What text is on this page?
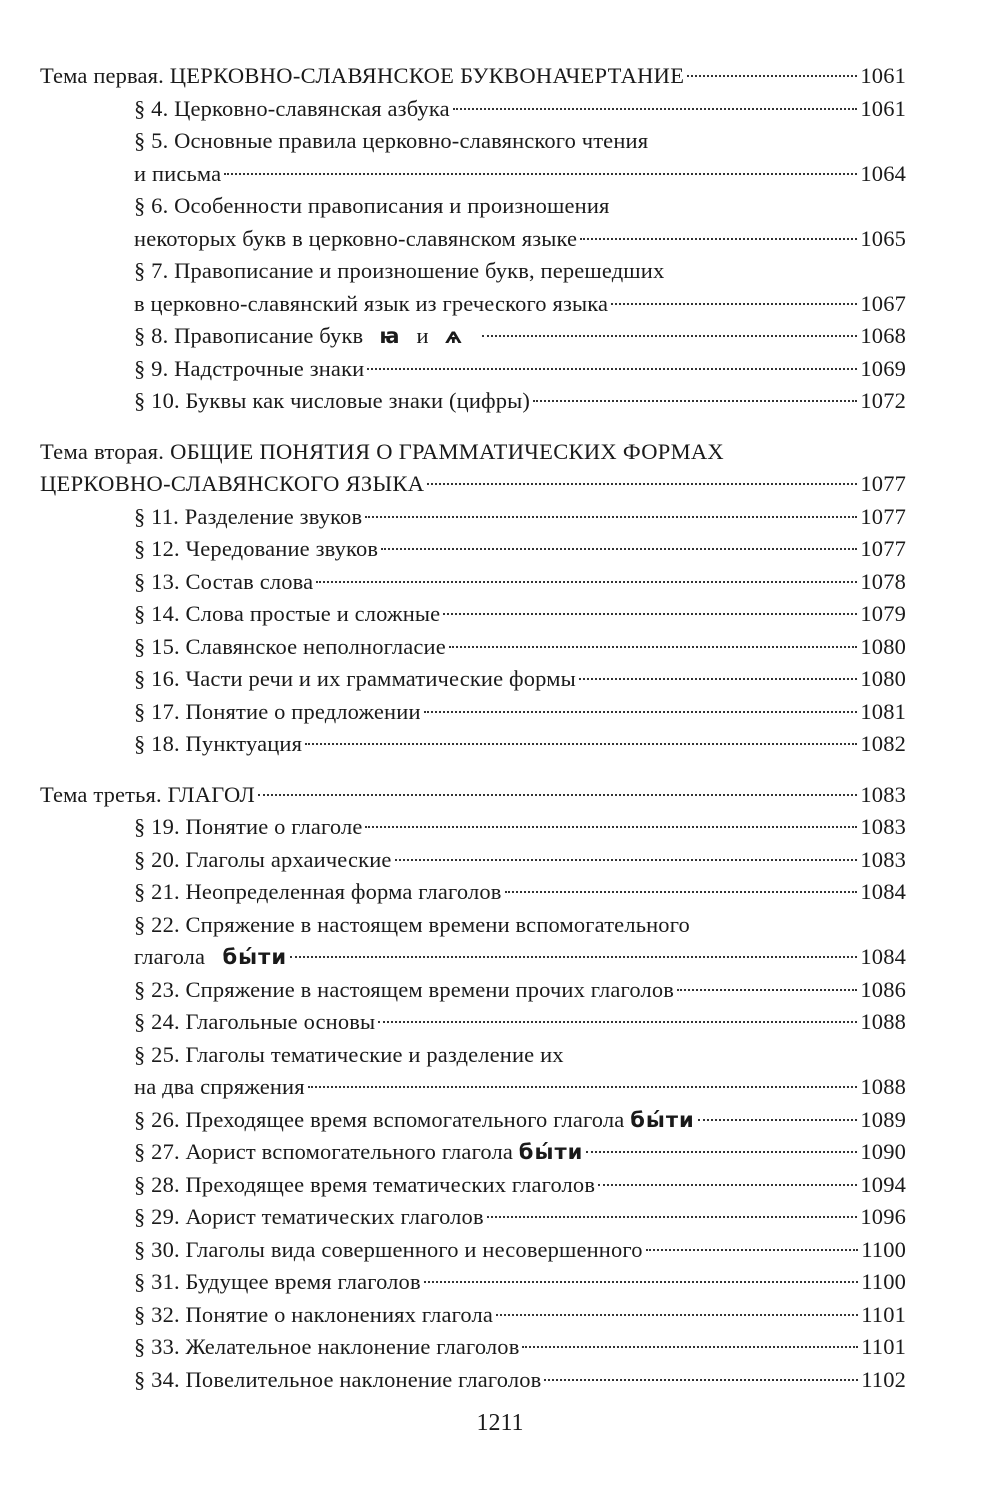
Тема первая. ЦЕРКОВНО-СЛАВЯНСКОЕ БУКВОНАЧЕРТАНИЕ	1061
§ 4. Церковно-славянская азбука	1061
§ 5. Основные правила церковно-славянского чтения
и письма	1064
§ 6. Особенности правописания и произношения
некоторых букв в церковно-славянском языке	1065
§ 7. Правописание и произношение букв, перешедших
в церковно-славянский язык из греческого языка	1067
§ 8. Правописание букв ꙗ и ѧ	1068
§ 9. Надстрочные знаки	1069
§ 10. Буквы как числовые знаки (цифры)	1072
Тема вторая. ОБЩИЕ ПОНЯТИЯ О ГРАММАТИЧЕСКИХ ФОРМАХ
ЦЕРКОВНО-СЛАВЯНСКОГО ЯЗЫКА	1077
§ 11. Разделение звуков	1077
§ 12. Чередование звуков	1077
§ 13. Состав слова	1078
§ 14. Слова простые и сложные	1079
§ 15. Славянское неполногласие	1080
§ 16. Части речи и их грамматические формы	1080
§ 17. Понятие о предложении	1081
§ 18. Пунктуация	1082
Тема третья. ГЛАГОЛ	1083
§ 19. Понятие о глаголе	1083
§ 20. Глаголы архаические	1083
§ 21. Неопределенная форма глаголов	1084
§ 22. Спряжение в настоящем времени вспомогательного
глагола бы́ти	1084
§ 23. Спряжение в настоящем времени прочих глаголов	1086
§ 24. Глагольные основы	1088
§ 25. Глаголы тематические и разделение их
на два спряжения	1088
§ 26. Преходящее время вспомогательного глагола бы́ти	1089
§ 27. Аорист вспомогательного глагола бы́ти	1090
§ 28. Преходящее время тематических глаголов	1094
§ 29. Аорист тематических глаголов	1096
§ 30. Глаголы вида совершенного и несовершенного	1100
§ 31. Будущее время глаголов	1100
§ 32. Понятие о наклонениях глагола	1101
§ 33. Желательное наклонение глаголов	1101
§ 34. Повелительное наклонение глаголов	1102
1211
